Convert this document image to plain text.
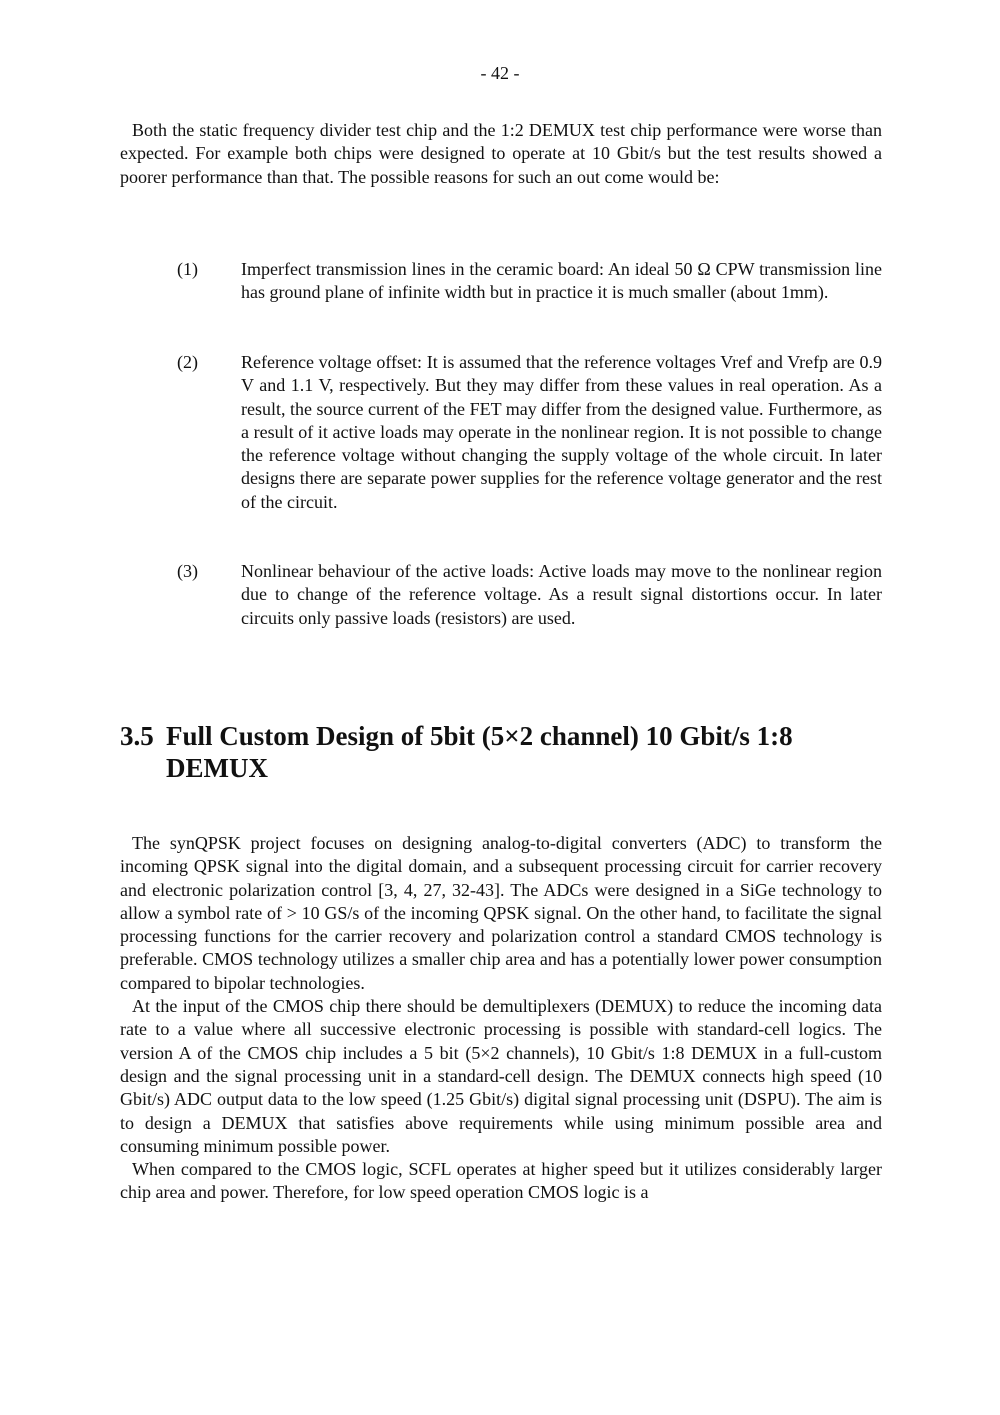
- 42 -

Both the static frequency divider test chip and the 1:2 DEMUX test chip performance were worse than expected. For example both chips were designed to operate at 10 Gbit/s but the test results showed a poorer performance than that. The possible reasons for such an out come would be:

(1) Imperfect transmission lines in the ceramic board: An ideal 50 Ω CPW transmission line has ground plane of infinite width but in practice it is much smaller (about 1mm).
(2) Reference voltage offset: It is assumed that the reference voltages Vref and Vrefp are 0.9 V and 1.1 V, respectively. But they may differ from these values in real operation. As a result, the source current of the FET may differ from the designed value. Furthermore, as a result of it active loads may operate in the nonlinear region. It is not possible to change the reference voltage without changing the supply voltage of the whole circuit. In later designs there are separate power supplies for the reference voltage generator and the rest of the circuit.
(3) Nonlinear behaviour of the active loads: Active loads may move to the nonlinear region due to change of the reference voltage. As a result signal distortions occur. In later circuits only passive loads (resistors) are used.
3.5 Full Custom Design of 5bit (5×2 channel) 10 Gbit/s 1:8
DEMUX

The synQPSK project focuses on designing analog-to-digital converters (ADC) to transform the incoming QPSK signal into the digital domain, and a subsequent processing circuit for carrier recovery and electronic polarization control [3, 4, 27, 32-43]. The ADCs were designed in a SiGe technology to allow a symbol rate of > 10 GS/s of the incoming QPSK signal. On the other hand, to facilitate the signal processing functions for the carrier recovery and polarization control a standard CMOS technology is preferable. CMOS technology utilizes a smaller chip area and has a potentially lower power consumption compared to bipolar technologies.

At the input of the CMOS chip there should be demultiplexers (DEMUX) to reduce the incoming data rate to a value where all successive electronic processing is possible with standard-cell logics. The version A of the CMOS chip includes a 5 bit (5×2 channels), 10 Gbit/s 1:8 DEMUX in a full-custom design and the signal processing unit in a standard-cell design. The DEMUX connects high speed (10 Gbit/s) ADC output data to the low speed (1.25 Gbit/s) digital signal processing unit (DSPU). The aim is to design a DEMUX that satisfies above requirements while using minimum possible area and consuming minimum possible power.

When compared to the CMOS logic, SCFL operates at higher speed but it utilizes considerably larger chip area and power. Therefore, for low speed operation CMOS logic is a
